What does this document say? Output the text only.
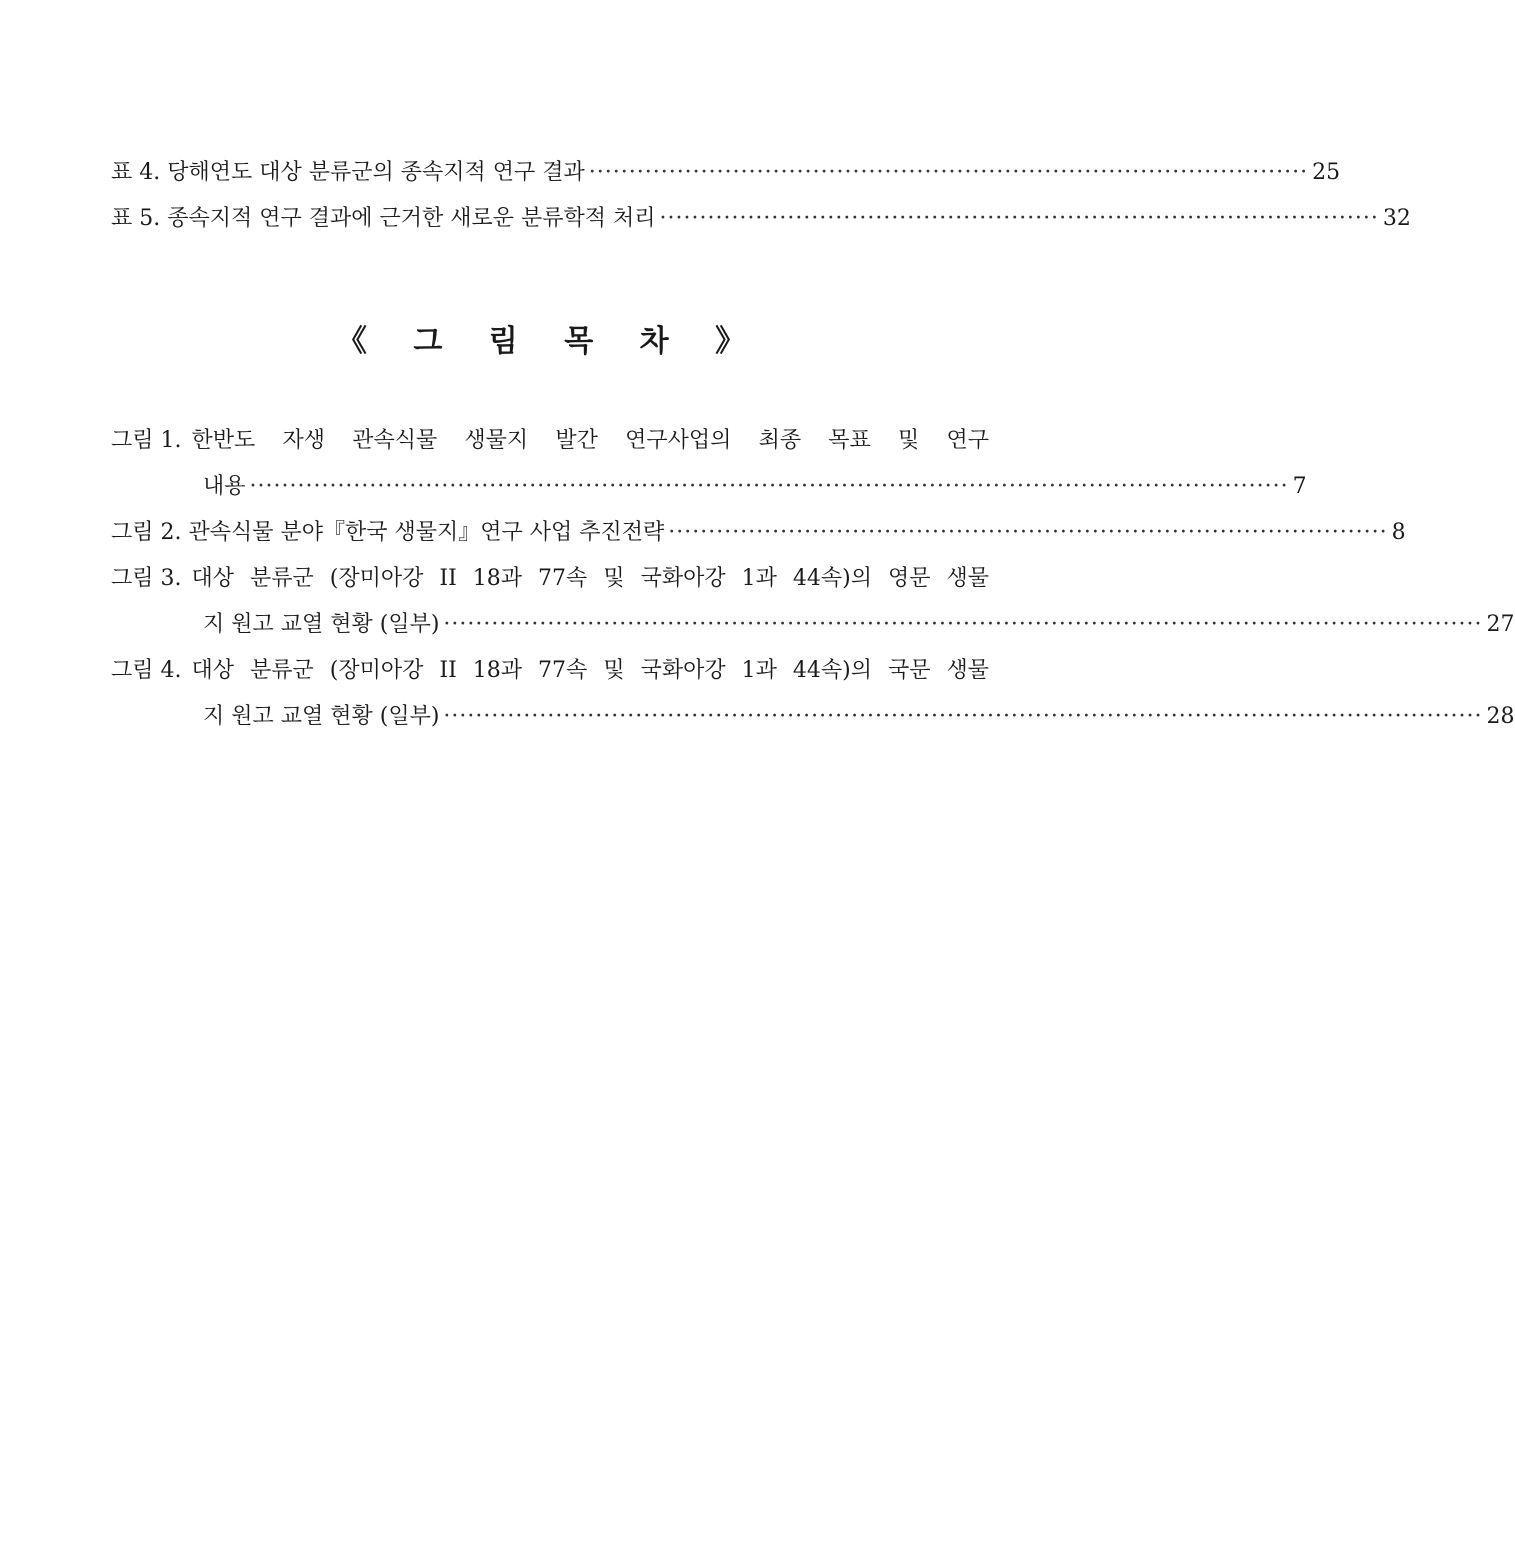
표 4. 당해연도 대상 분류군의 종속지적 연구 결과 ·························································································· 25
표 5. 종속지적 연구 결과에 근거한 새로운 분류학적 처리 ·························································································· 32
《 그 림 목 차 》
그림 1. 한반도 자생 관속식물 생물지 발간 연구사업의 최종 목표 및 연구
내용 ·································································································································· 7
그림 2. 관속식물 분야『한국 생물지』연구 사업 추진전략 ·························································································· 8
그림 3. 대상 분류군 (장미아강 II 18과 77속 및 국화아강 1과 44속)의 영문 생물
지 원고 교열 현황 (일부) ·································································································································· 27
그림 4. 대상 분류군 (장미아강 II 18과 77속 및 국화아강 1과 44속)의 국문 생물
지 원고 교열 현황 (일부) ·································································································································· 28
